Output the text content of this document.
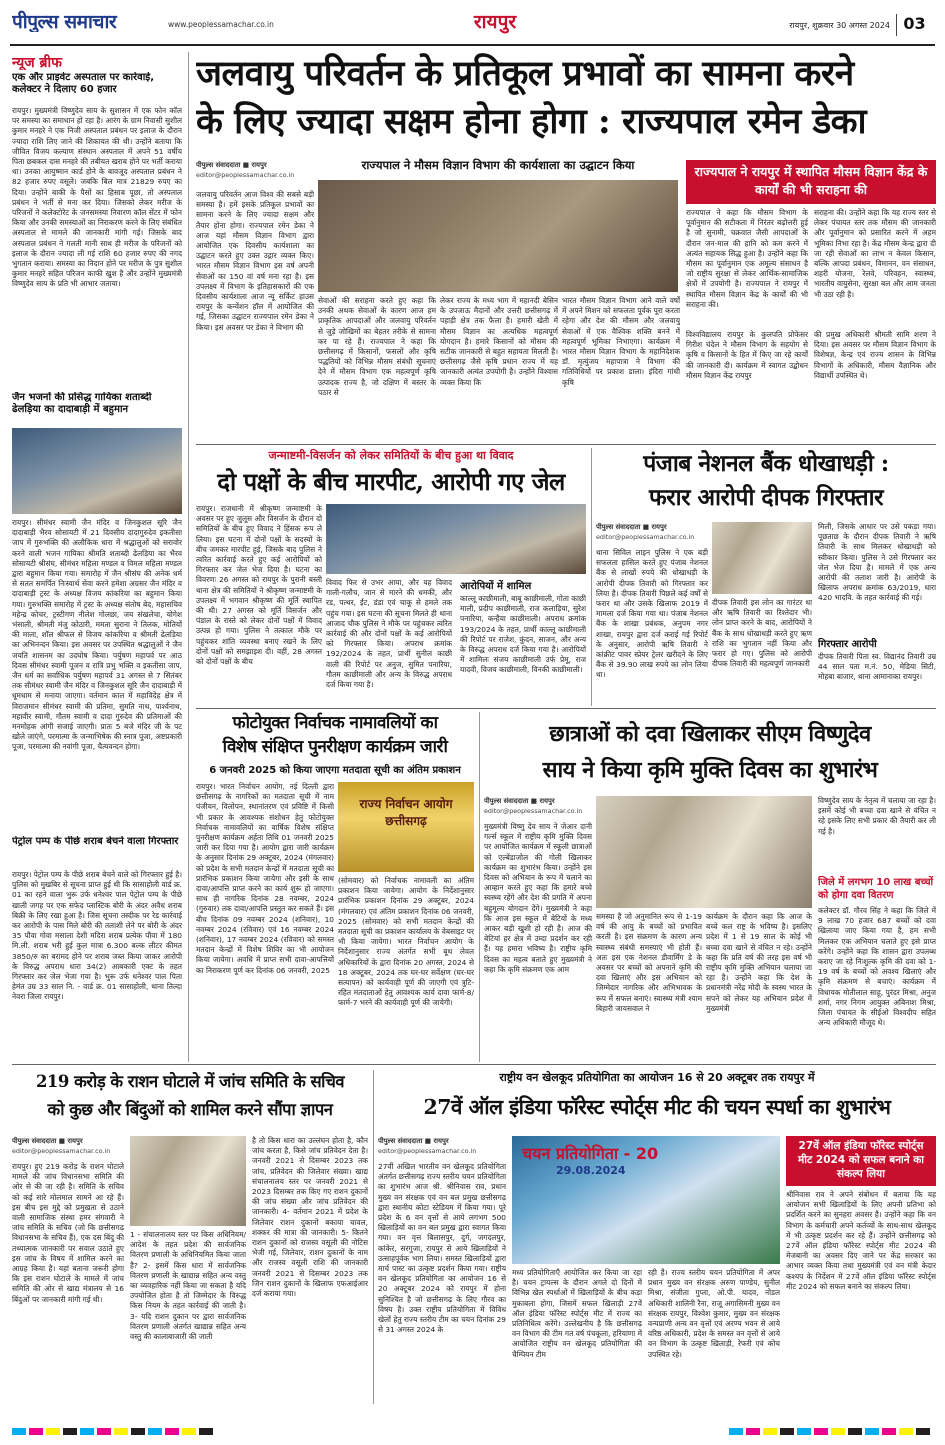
पीपुल्स समाचार	www.peoplessamachar.co.in	रायपुर	रायपुर, शुक्रवार 30 अगस्त 2024 03
न्यूज ब्रीफ
एक और प्राइवेट अस्पताल पर कार्रवाई, कलेक्टर ने दिलाए 60 हजार
रायपुर। मुख्यमंत्री विष्णुदेव साय के सुशासन में एक फोन कॉल पर समस्या का समाधान हो रहा है। आरंग के ग्राम निवासी सुशील कुमार मनहरे ने एक निजी अस्पताल प्रबंधन पर इलाज के दौरान ज्यादा राशि लिए जाने की शिकायत की थी। उन्होंने बताया कि जीवित विजय कल्याण संस्थान अस्पताल में अपने 51 वर्षीय पिता छबकल दास मनहरे की तबीयत खराब होने पर भर्ती कराया था। उनका आयुष्मान कार्ड होने के बावजूद अस्पताल प्रबंधन ने 82 हजार रुपए वसूले। जबकि बिल मात्र 21829 रुपए का दिया। उन्होंने बाकी के पैसों का हिसाब पूछा, तो अस्पताल प्रबंधन ने भर्ती से मना कर दिया। जिसको लेकर मरीज के परिजनों ने कलेक्टोरेट के जनसमस्या निवारण कॉल सेंटर में फोन किया और उनकी समस्याओं का निराकरण करने के लिए संबंधित अस्पताल से मामले की जानकारी मांगी गई। जिसके बाद अस्पताल प्रबंधन ने गलती मानी साथ ही मरीज के परिजनों को इलाज के दौरान ज्यादा ली गई राशि 60 हजार रुपए की नगद भुगतान कराया। समस्या का निदान होने पर मरीज के पुत्र सुशील कुमार मनहरे सहित परिजन काफी खुश है और उन्होंने मुख्यमंत्री विष्णुदेव साय के प्रति भी आभार जताया।
जैन भजनों की प्रसिद्ध गायिका शताब्दी ढेलड़िया का दादाबाड़ी में बहुमान
रायपुर। सीमंधर स्वामी जैन मंदिर व जिनकुशल सूरि जैन दादाबाड़ी भैरव सोसायटी में 21 दिवसीय दादागुरुदेव इकतीसा जाप में गुरुभक्ति की अलौकिक धारा में श्रद्धालुओं को सरावोर करने वाली भजन गायिका श्रीमति शताब्दी ढेलड़िया का भैरव सोसायटी श्रीसंघ, सीमंधर महिला मण्डल व विमल महिला मण्डल द्वारा बहुमान किया गया। समारोह में जैन श्रीसंघ की अनेक धर्म से सतत समर्पित निःस्वार्थ सेवा करने हमेशा अग्रसर जैन मंदिर व दादाबाड़ी ट्रस्ट के अध्यक्ष विजय कांकरिया का बहुमान किया गया। गुरुभक्ति समारोह में ट्रस्ट के अध्यक्ष संतोष बेद, महासचिव महेन्द्र कोचर, ट्रस्टीगण नीलेश गोलछा, जय संखलेचा, योगेश भंसाली, श्रीमती मंजु कोठारी, ममता सुराना ने तिलक, मोतियों की माला, शॉल श्रीफल से विजय कांकरिया व श्रीमती ढेलड़िया का अभिनन्दन किया। इस अवसर पर उपस्थित श्रद्धालुओं ने जैन जयति शासनम का उदघोष किया। पर्युषण महापर्व पर आठ दिवस सीमंधर स्वामी पूजन व रात्रि प्रभु भक्ति व इकतीसा जाप, जैन धर्म का सर्वाधिक पर्युषण महापर्व 31 अगस्त से 7 सितंबर तक सीमंधर स्वामी जैन मंदिर व जिनकुशल सूरि जैन दादाबाड़ी में धूमधाम से मनाया जाएगा। वर्तमान काल में महाविदेह क्षेत्र में विराजमान सीमंधर स्वामी की प्रतिमा, सुमति नाथ, पार्श्वनाथ, महावीर स्वामी, गौतम स्वामी व दादा गुरुदेव की प्रतिमाओं की मनमोहक आंगी सजाई जाएगी। प्रातः 5 बजे मंदिर जी के पट खोले जाएंगे, परमात्मा के जन्माभिषेक की स्नात्र पूजा, अष्टप्रकारी पूजा, परमात्मा की नवांगी पूजा, चैत्यवन्दन होगा।
पेट्रोल पम्प के पीछे शराब बेचने वाला गिरफ्तार
रायपुर। पेट्रोल पम्प के पीछे शराब बेचने वाले को गिरफ्तार हुई है। पुलिस को मुखबिर से सूचना प्राप्त हुई थी कि सासाहोली वार्ड क्र. 01 का रहने वाला भुरू उर्फ धनेश्वर पाल पेट्रोल पम्प के पीछे खाली जगह पर एक सफेद प्लास्टिक बोरी के अंदर अवैध शराब बिक्री के लिए रखा हुआ है। जिस सूचना तस्दीक पर रेड कार्रवाई कर आरोपी के पास मिले बोरी की तलाशी लेने पर बोरी के अंदर 35 पौवा गोवा मसाला देशी मदिरा शराब प्रत्येक पौवा में 180 मि.ली. शराब भरी हुई कुल मात्रा 6.300 बल्क लीटर कीमत 3850/रु का बरामद होने पर शराब जब्त किया जाकर आरोपी के विरुद्ध अपराध धारा 34(2) आबकारी एक्ट के तहत गिरफ्तार कर जेल भेजा गया है। भुरू उर्फ धनेश्वर पाल पिता हेमंत उम्र 33 साल नि. - वार्ड क्र. 01 सासाहोली, थाना तिल्दा नेवरा जिला रायपुर।
जलवायु परिवर्तन के प्रतिकूल प्रभावों का सामना करने
के लिए ज्यादा सक्षम होना होगा : राज्यपाल रमेन डेका
पीपुल्स संवाददाता ■ रायपुर
editor@peoplessamachar.co.in
जलवायु परिवर्तन आज विश्व की सबसे बड़ी समस्या है। हमें इसके प्रतिकूल प्रभावों का सामना करने के लिए ज्यादा सक्षम और तैयार होना होगा। राज्यपाल रमेन डेका ने आज यहां मौसम विज्ञान विभाग द्वारा आयोजित एक दिवसीय कार्यशाला का उद्घाटन करते हुए उक्त उद्गार व्यक्त किए। भारत मौसम विज्ञान विभाग इस वर्ष अपनी सेवाओं का 150 वां वर्ष मना रहा है। इस उपलक्ष्य में विभाग के इतिहासकारों की एक दिवसीय कार्यशाला आज न्यू सर्किट हाउस रायपुर के कन्वेंशन हॉल में आयोजित की गई, जिसका उद्घाटन राज्यपाल रमेन डेका ने किया। इस अवसर पर डेका ने विभाग की
राज्यपाल ने मौसम विज्ञान विभाग की कार्यशाला का उद्घाटन किया
सेवाओं की सराहना करते हुए कहा कि उनकी अथक सेवाओं के कारण आज हम प्राकृतिक आपदाओं और जलवायु परिवर्तन से जुड़े जोखिमों का बेहतर तरीके से सामना कर पा रहे हैं। राज्यपाल ने कहा कि छत्तीसगढ़ में किसानों, फसलों और कृषि पद्धतियों को विभिन्न मौसम संबंधी सूचनाएं देने में मौसम विभाग एक महत्वपूर्ण कृषि उत्पादक राज्य है, जो दक्षिण में बस्तर के पठार से
लेकर राज्य के मध्य भाग में महानदी बेसिन के उपजाऊ मैदानों और उत्तरी छत्तीसगढ़ में पहाड़ी क्षेत्र तक फैला है। हमारी खेती में मौसम विज्ञान का अत्यधिक महत्वपूर्ण योगदान है। हमारे किसानों को मौसम की सटीक जानकारी से बहुत सहायता मिलती है। छत्तीसगढ़ जैसे कृषि प्रधान राज्य में यह जानकारी अत्यंत उपयोगी है। उन्होंने विश्वास व्यक्त किया कि
भारत मौसम विज्ञान विभाग आने वाले वर्षों में अपने मिशन को सफलता पूर्वक पूरा करता रहेगा और देश की मौसम और जलवायु सेवाओं में एक वैश्विक शक्ति बनने में महत्वपूर्ण भूमिका निभाएगा। कार्यक्रम में भारत मौसम विज्ञान विभाग के महानिदेशक डॉ. मृत्युंजय महापात्रा ने विभाग की गतिविधियों पर प्रकाश डाला। इंदिरा गांधी कृषि
राज्यपाल ने रायपुर में स्थापित मौसम विज्ञान केंद्र के कार्यों की भी सराहना की
राज्यपाल ने कहा कि मौसम विभाग के पूर्वानुमान की सटीकता में निरंतर बढ़ोत्तरी हुई है जो सुनामी, चक्रवात जैसी आपदाओं के दौरान जन-माल की हानि को कम करने में अत्यंत सहायक सिद्ध हुआ है। उन्होंने कहा कि मौसम का पूर्वानुमान एक अमूल्य संसाधन है जो राष्ट्रीय सुरक्षा से लेकर आर्थिक-सामाजिक क्षेत्रों में उपयोगी है। राज्यपाल ने रायपुर में स्थापित मौसम विज्ञान केंद्र के कार्यों की भी सराहना की।
सराहना की। उन्होंने कहा कि यह राज्य स्तर से लेकर पंचायत स्तर तक मौसम की जानकारी और पूर्वानुमान को प्रसारित करने में अहम भूमिका निभा रहा है। केंद्र मौसम केन्द्र द्वारा दी जा रही सेवाओं का लाभ न केवल किसान, बल्कि आपदा प्रबंधन, विमानन, वन संसाधन, शहरी योजना, रेलवे, परिवहन, स्वास्थ्य, भारतीय वायुसेना, सुरक्षा बल और आम जनता भी उठा रही है।
विश्वविद्यालय रायपुर के कुलपति प्रोफेसर गिरीश चंदेल ने मौसम विभाग के सहयोग से कृषि व किसानों के हित में किए जा रहे कार्यों की जानकारी दी। कार्यक्रम में स्वागत उद्बोधन मौसम विज्ञान केंद्र रायपुर
की प्रमुख अधिकारी श्रीमती सामि शरण ने दिया। इस अवसर पर मौसम विज्ञान विभाग के विशेषज्ञ, केन्द्र एवं राज्य शासन के विभिन्न विभागों के अधिकारी, मौसम वैज्ञानिक और विद्यार्थी उपस्थित थे।
जन्माष्टमी-विसर्जन को लेकर समितियों के बीच हुआ था विवाद
दो पक्षों के बीच मारपीट, आरोपी गए जेल
रायपुर। राजधानी में श्रीकृष्ण जन्माष्टमी के अवसर पर हुए जुलूस और विसर्जन के दौरान दो समितियों के बीच हुए विवाद ने हिंसक रूप ले लिया। इस घटना में दोनों पक्षों के सदस्यों के बीच जमकर मारपीट हुई, जिसके बाद पुलिस ने त्वरित कार्रवाई करते हुए कई आरोपियों को गिरफ्तार कर जेल भेज दिया है। घटना का विवरणः 26 अगस्त को रायपुर के पुरानी बस्ती थाना क्षेत्र की समितियों ने श्रीकृष्ण जन्माष्टमी के उपलक्ष्य में भगवान श्रीकृष्ण की मूर्ति स्थापित की थी। 27 अगस्त को मूर्ति विसर्जन और पंडाल के रास्ते को लेकर दोनों पक्षों में विवाद उत्पन्न हो गया। पुलिस ने तत्काल मौके पर पहुंचकर शांति व्यवस्था बनाए रखने के लिए दोनों पक्षों को समझाइश दी। वहीं, 28 अगस्त को दोनों पक्षों के बीच
विवाद फिर से उभर आया, और यह विवाद गाली-गलौच, जान से मारने की धमकी, और रड, पत्थर, ईंट, डंडा एवं चाकू से हमले तक पहुंच गया। इस घटना की सूचना मिलते ही थाना आजाद चौक पुलिस ने मौके पर पहुंचकर त्वरित कार्रवाई की और दोनों पक्षों के कई आरोपियों को गिरफ्तार किया। अपराध क्रमांक 192/2024 के तहत, प्रार्थी सुनील काछी वाली की रिपोर्ट पर अनुज, सुमित पनारिया, गौतम काछीमाली और अन्य के विरुद्ध अपराध दर्ज किया गया है।
आरोपियों में शामिल
काल्लू काछीमाली, बाबू काछीमाली, गोता काछी माली, प्रदीप काछीमाली, राज कलाड़िया, सुरेश पनारिया, कन्हैया काछीमाली। अपराध क्रमांक 193/2024 के तहत, प्रार्थी काल्लू काछीमाली की रिपोर्ट पर राजेश, कुंदन, साजन, और अन्य के विरुद्ध अपराध दर्ज किया गया है। आरोपियों में शामिलः संजय काछीमाली उर्फ प्रेमू, राज यादवी, विजय काछीमाली, विनकी काछीमाली।
पंजाब नेशनल बैंक धोखाधड़ी :
फरार आरोपी दीपक गिरफ्तार
पीपुल्स संवाददाता ■ रायपुर
editor@peoplessamachar.co.in
थाना सिविल लाइन पुलिस ने एक बड़ी सफलता हासिल करते हुए पंजाब नेशनल बैंक से लाखों रुपये की धोखाधड़ी के आरोपी दीपक तिवारी को गिरफ्तार कर लिया है। दीपक तिवारी पिछले कई वर्षों से फरार था और उसके खिलाफ 2019 में मामला दर्ज किया गया था। पंजाब नेशनल बैंक के शाखा प्रबंधक, अनुपम नगर शाखा, रायपुर द्वारा दर्ज कराई गई रिपोर्ट के अनुसार, आरोपी ऋषि तिवारी ने कांक्रीट पावर स्प्रेयर ट्रेलर खरीदने के लिए बैंक से 39.90 लाख रुपये का लोन लिया था।
दीपक तिवारी इस लोन का गारंटर था और ऋषि तिवारी का रिश्तेदार भी। लोन प्राप्त करने के बाद, आरोपियों ने बैंक के साथ धोखाधड़ी करते हुए ऋण राशि का भुगतान नहीं किया और फरार हो गए। पुलिस को आरोपी दीपक तिवारी की महत्वपूर्ण जानकारी
मिली, जिसके आधार पर उसे पकड़ा गया। पूछताछ के दौरान दीपक तिवारी ने ऋषि तिवारी के साथ मिलकर धोखाधड़ी को स्वीकार किया। पुलिस ने उसे गिरफ्तार कर जेल भेज दिया है। मामले में एक अन्य आरोपी की तलाश जारी है। आरोपी के खिलाफ अपराध क्रमांक 63/2019, धारा 420 भादवि. के तहत कार्रवाई की गई।
गिरफ्तार आरोपी
दीपक तिवारी पिता स्व. विद्यानंद तिवारी उम्र 44 साल पता म.नं. 50, मेडिया सिटी, मोहबा बाजार, थाना आमानाका रायपुर।
फोटोयुक्त निर्वाचक नामावलियों का
विशेष संक्षिप्त पुनरीक्षण कार्यक्रम जारी
6 जनवरी 2025 को किया जाएगा मतदाता सूची का अंतिम प्रकाशन
रायपुर। भारत निर्वाचन आयोग, नई दिल्ली द्वारा छत्तीसगढ़ के नागरिकों का मतदाता सूची में नाम पंजीयन, विलोपन, स्थानांतरण एवं प्रविष्टि में किसी भी प्रकार के आवश्यक संशोधन हेतु फोटोयुक्त निर्वाचक नामावलियों का वार्षिक विशेष संक्षिप्त पुनरीक्षण कार्यक्रम अर्हता तिथि 01 जनवरी 2025 जारी कर दिया गया है। आयोग द्वारा जारी कार्यक्रम के अनुसार दिनांक 29 अक्टूबर, 2024 (मंगलवार) को प्रदेश के सभी मतदान केन्द्रों में मतदाता सूची का प्रारंभिक प्रकाशन किया जायेगा और इसी के साथ दावा/आपत्ति प्राप्त करने का कार्य शुरू हो जाएगा। साथ ही नागरिक दिनांक 28 नवम्बर, 2024 (गुरुवार) तक दावा/आपत्ति प्रस्तुत कर सकते हैं। इस बीच दिनांक 09 नवम्बर 2024 (शनिवार), 10 नवम्बर 2024 (रविवार) एवं 16 नवम्बर 2024 (शनिवार), 17 नवम्बर 2024 (रविवार) को समस्त मतदान केन्द्रों में विशेष शिविर का भी आयोजन किया जायेगा। अवधि में प्राप्त सभी दावा-आपत्तियों का निराकरण पूर्ण कर दिनांक 06 जनवरी, 2025
राज्य निर्वाचन आयोग छत्तीसगढ़
(सोमवार) को निर्वाचक नामावली का अंतिम प्रकाशन किया जायेगा। आयोग के निर्देशानुसार प्रारंभिक प्रकाशन दिनांक 29 अक्टूबर, 2024 (मंगलवार) एवं अंतिम प्रकाशन दिनांक 06 जनवरी, 2025 (सोमवार) को सभी मतदान केन्द्रों की मतदाता सूची का प्रकाशन कार्यालय के वेबसाइट पर भी किया जायेगा। भारत निर्वाचन आयोग के निर्देशानुसार राज्य अंतर्गत सभी बूथ लेवल अधिकारियों के द्वारा दिनांक 20 अगस्त, 2024 से 18 अक्टूबर, 2024 तक घर-घर सर्वेक्षण (घर-घर सत्यापन) को कार्यवाही पूर्ण की जाएगी एवं त्रुटि-रहित मतदाताओं हेतु आवश्यक कार्य दावा फार्म-8/ फार्म-7 भरने की कार्यवाही पूर्ण की जायेगी।
छात्राओं को दवा खिलाकर सीएम विष्णुदेव
साय ने किया कृमि मुक्ति दिवस का शुभारंभ
पीपुल्स संवाददाता ■ रायपुर
editor@peoplessamachar.co.in
मुख्यमंत्री विष्णु देव साय ने जेआर दानी गर्ल्स स्कूल में राष्ट्रीय कृमि मुक्ति दिवस पर आयोजित कार्यक्रम में स्कूली छात्राओं को एल्बेंडाजोल की गोली खिलाकर कार्यक्रम का शुभारंभ किया। उन्होंने इस दिवस को अभियान के रूप में चलाने का आव्हान करते हुए कहा कि हमारे बच्चे स्वस्थ्य रहेंगे और देश की प्रगति में अपना बहुमूल्य योगदान देंगे। मुख्यमंत्री ने कहा कि आज इस स्कूल में बेटियों के मध्य आकर बड़ी खुशी हो रही है। आज की बेटियां हर क्षेत्र में उम्दा प्रदर्शन कर रही हैं। यह हमारा भविष्य है। राष्ट्रीय कृमि दिवस का महत्व बताते हुए मुख्यमंत्री ने कहा कि कृमि संक्रमण एक आम
समस्या है जो अनुमानित रूप से 1-19 वर्ष की आयु के बच्चों को प्रभावित करती है। इस संक्रमण के कारण अन्य स्वास्थ्य संबंधी समस्याएं भी होती हैं। अतः इस एक नेशनल डीवार्मिंग डे के अवसर पर बच्चों को अपनाने कृमि की दवा खिलाएं और इस अभियान को जिम्मेदार नागरिक और अभिभावक के रूप में सफल बनाएं। स्वास्थ्य मंत्री श्याम बिहारी जायसवाल ने
कार्यक्रम के दौरान कहा कि आज के बच्चे कल राष्ट्र के भविष्य है। इसलिए प्रदेश में 1 से 19 साल के कोई भी बच्चा दवा खाने से वंचित न रहे। उन्होंने कहा कि प्रति वर्ष की तरह इस वर्ष भी राष्ट्रीय कृमि मुक्ति अभियान चलाया जा रहा है। उन्होंने कहा कि देश के प्रधानमंत्री नरेंद्र मोदी के स्वस्थ भारत के सपने को लेकर यह अभियान प्रदेश में मुख्यमंत्री
विष्णुदेव साय के नेतृत्व में चलाया जा रहा है। इसमें कोई भी बच्चा दवा खाने से वंचित न रहे इसके लिए सभी प्रकार की तैयारी कर ली गई है।
जिले में लगभग 10 लाख बच्चों को होगा दवा वितरण
कलेक्टर डॉ. गौरव सिंह ने कहा कि जिले में 9 लाख 70 हजार 687 बच्चों को दवा खिलाया जाए किया गया है, हम सभी मिलकर एक अभियान चलाते हुए इसे प्राप्त करेंगे। उन्होंने कहा कि शासन द्वारा उपलब्ध कराए जा रहे निःशुल्क कृमि की दवा को 1-19 वर्ष के बच्चों को अवश्य खिलाएं और कृमि संक्रमण से बचाएं। कार्यक्रम में विधायक मोतीलाल साहू, पुरंदर मिश्रा, अनुज शर्मा, नगर निगम आयुक्त अबिनाश मिश्रा, जिला पंचायत के सीईओ विश्वदीप सहित अन्य अधिकारी मौजूद थे।
219 करोड़ के राशन घोटाले में जांच समिति के सचिव
को कुछ और बिंदुओं को शामिल करने सौंपा ज्ञापन
पीपुल्स संवाददाता ■ रायपुर
editor@peoplessamachar.co.in
रायपुर। हुए 219 करोड़ के राशन घोटाले मामले की जांच विधानसभा समिति की ओर से की जा रही है। समिति के सचिव को कई सारे मोलमाल सामने आ रहे हैं। इस बीच इस मुद्दे को प्रमुखता से उठाने वाली सामाजिक संस्था हमर संगवारी ने जांच समिति के सचिव (जो कि छत्तीसगढ़ विधानसभा के सचिव हैं), एक दस बिंदु की तथ्यात्मक जानकारी पर सवाल उठाते हुए इस जांच के विषय में शामिल करने का आग्रह किया है। यहां बताना जरूरी होगा कि इस राशन घोटाले के मामले में जांच समिति की ओर से खाद्य मंत्रालय से 16 बिंदुओं पर जानकारी मांगी गई थी।
1 - संचालनालय स्तर पर किस अधिनियम/आदेश के तहत प्रदेश की सार्वजनिक वितरण प्रणाली के अधिनियमित किया जाता है? 2- इसमें किस धारा में सार्वजनिक वितरण प्रणाली के खाद्यान्न सहित अन्य वस्तु का व्यवहारिक नहीं किया जा सकता है यदि उपयोजित होता है तो जिम्मेदार के विरुद्ध किस नियम के तहत कार्रवाई की जाती है। 3- यदि राशन दुकान पर द्वारा सार्वजनिक वितरण प्रणाली अंतर्गत खाद्यान्न सहित अन्य वस्तु की कालाबाजारी की जाती
है तो किस धारा का उल्लंघन होता है, कौन जांच करता है, किसे जांच प्रतिवेदन देता है। जनवरी 2021 से दिसम्बर 2023 तक जांच, प्रतिवेदन की जिलेवार संख्या। खाद्य संचालनालय स्तर पर जनवरी 2021 से 2023 दिसम्बर तक किए गए राशन दुकानों की जांच संख्या और जांच प्रतिवेदन की जानकारी। 4- वर्तमान 2021 में प्रदेश के जिलेवार राशन दुकानों बकाया चावल, शक्कर की मात्रा की जानकारी। 5- कितने राशन दुकानों को राजस्व वसूली की नोटिस भेजी गई, जिलेवार, राशन दुकानों के नाम और राजस्व वसूली राशि की जानकारी जनवरी 2021 से दिसम्बर 2023 तक जिन राशन दुकानों के खिलाफ एफआईआर दर्ज कराया गया।
राष्ट्रीय वन खेलकूद प्रतियोगिता का आयोजन 16 से 20 अक्टूबर तक रायपुर में
27वें ऑल इंडिया फॉरेस्ट स्पोर्ट्स मीट की चयन स्पर्धा का शुभारंभ
पीपुल्स संवाददाता ■ रायपुर
editor@peoplessamachar.co.in
27वीं अखिल भारतीय वन खेलकूद प्रतियोगिता अंतर्गत छत्तीसगढ़ राज्य स्तरीय चयन प्रतियोगिता का शुभारंभ आज श्री. श्रीनिवास राव, प्रधान मुख्य वन संरक्षक एवं वन बल प्रमुख छत्तीसगढ़ द्वारा स्थानीय कोटा स्टेडियम में किया गया। पूरे प्रदेश के 6 वन वृत्तों से आये लगभग 500 खिलाड़ियों का वन बल प्रमुख द्वारा स्वागत किया गया। वन वृत्त बिलासपुर, दुर्ग, जगदलपुर, कांकेर, सरगुजा, रायपुर से आये खिलाड़ियों ने उत्साहपूर्वक भाग लिया। समस्त खिलाड़ियों द्वारा मार्च पास्ट का उत्कृष्ट प्रदर्शन किया गया। राष्ट्रीय वन खेलकूद प्रतियोगिता का आयोजन 16 से 20 अक्टूबर 2024 को रायपुर में होना सुनिश्चित है जो छत्तीसगढ़ के लिए गौरव का विषय है। उक्त राष्ट्रीय प्रतियोगिता में विविध खेलों हेतु राज्य स्तरीय टीम का चयन दिनांक 29 से 31 अगस्त 2024 के
चयन प्रतियोगिता - 20
29.08.2024
मध्य प्रतियोगिताएँ आयोजित कर किया जा रहा है। चयन ट्रायल्स के दौरान अगले दो दिनों में विभिन्न खेल स्पर्धाओं में खिलाड़ियों के बीच कड़ा मुकाबला होगा, जिसमें सफल खिलाड़ी 27वें ऑल इंडिया फॉरेस्ट स्पोर्ट्स मीट में राज्य का प्रतिनिधित्व करेंगे। उल्लेखनीय है कि छत्तीसगढ़ वन विभाग की टीम गत वर्ष पंचकूला, हरियाणा में आयोजित राष्ट्रीय वन खेलकूद प्रतियोगिता की चैम्पियन टीम
रही है। राज्य स्तरीय चयन प्रतियोगिता में अपर प्रधान मुख्य वन संरक्षक अरुण पाण्डेय, सुनील मिश्रा, संजीता गुप्ता, ओ.पी. यादव, नोडल अधिकारी शालिनी रैना, राजू अगासिमनी मुख्य वन संरक्षक रायपुर, विश्वेश कुमार, मुख्य वन संरक्षक वन्यप्राणी अन्य वन वृत्तों एवं अरण्य भवन से आये वरिष्ठ अधिकारी, प्रदेश के समस्त वन वृत्तों से आये वन विभाग के उत्कृष्ट खिलाड़ी, रेफरी एवं कोच उपस्थित रहे।
27वें ऑल इंडिया फॉरेस्ट स्पोर्ट्स मीट 2024 को सफल बनाने का संकल्प लिया
श्रीनिवास राव ने अपने संबोधन में बताया कि यह आयोजन सभी खिलाड़ियों के लिए अपनी प्रतिभा को प्रदर्शित करने का सुनहरा अवसर है। उन्होंने कहा कि वन विभाग के कर्मचारी अपने कर्तव्यों के साथ-साथ खेलकूद में भी उत्कृष्ट प्रदर्शन कर रहे हैं। उन्होंने छत्तीसगढ़ को 27वें ऑल इंडिया फॉरेस्ट स्पोर्ट्स मीट 2024 की मेजबानी का अवसर दिए जाने पर केंद्र सरकार का आभार व्यक्त किया तथा मुख्यमंत्री एवं वन मंत्री केदार कश्यप के निर्देशन में 27वें ऑल इंडिया फॉरेस्ट स्पोर्ट्स मीट 2024 को सफल बनाने का संकल्प लिया।
